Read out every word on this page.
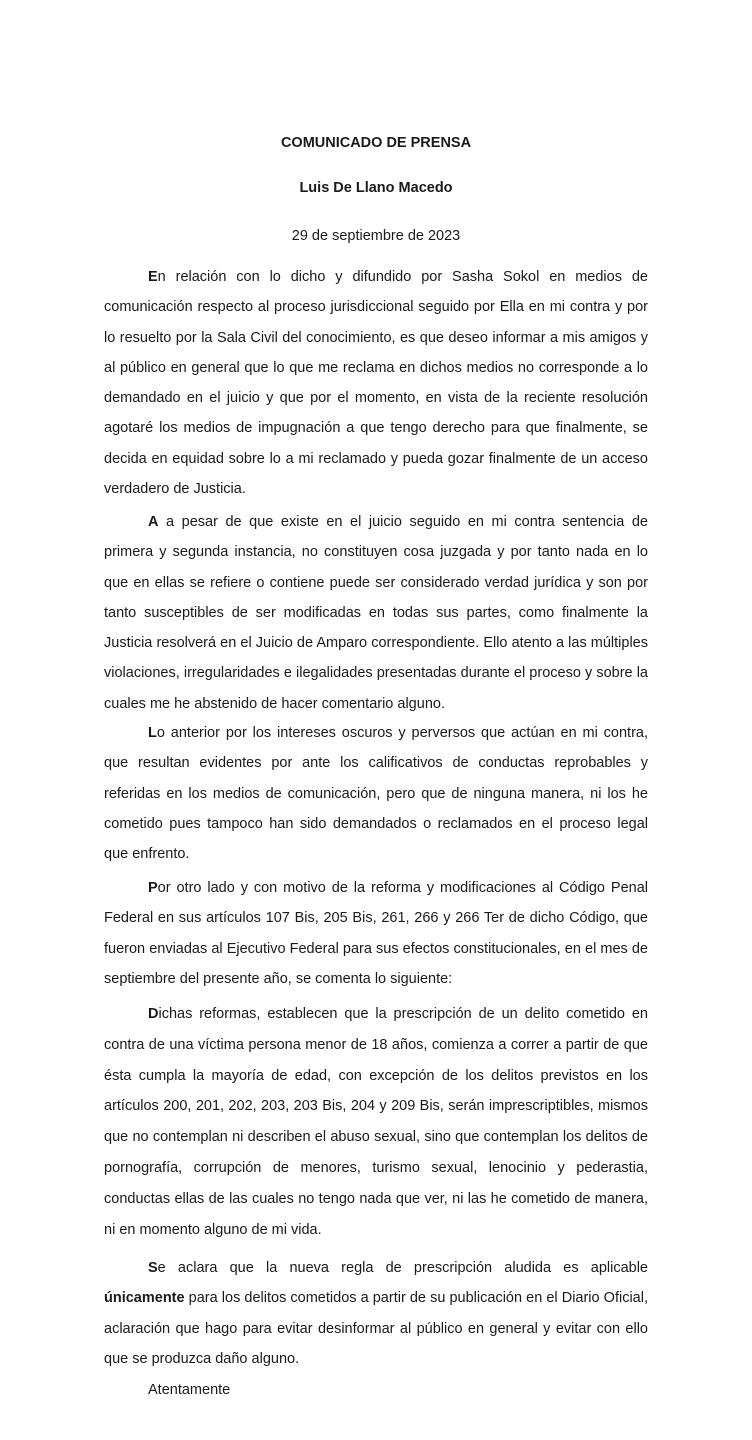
COMUNICADO DE PRENSA

Luis De Llano Macedo

29 de septiembre de 2023

En relación con lo dicho y difundido por Sasha Sokol en medios de comunicación respecto al proceso jurisdiccional seguido por Ella en mi contra y por lo resuelto por la Sala Civil del conocimiento, es que deseo informar a mis amigos y al público en general que lo que me reclama en dichos medios no corresponde a lo demandado en el juicio y que por el momento, en vista de la reciente resolución agotaré los medios de impugnación a que tengo derecho para que finalmente, se decida en equidad sobre lo a mi reclamado y pueda gozar finalmente de un acceso verdadero de Justicia.

A a pesar de que existe en el juicio seguido en mi contra sentencia de primera y segunda instancia, no constituyen cosa juzgada y por tanto nada en lo que en ellas se refiere o contiene puede ser considerado verdad jurídica y son por tanto susceptibles de ser modificadas en todas sus partes, como finalmente la Justicia resolverá en el Juicio de Amparo correspondiente. Ello atento a las múltiples violaciones, irregularidades e ilegalidades presentadas durante el proceso y sobre la cuales me he abstenido de hacer comentario alguno.

Lo anterior por los intereses oscuros y perversos que actúan en mi contra, que resultan evidentes por ante los calificativos de conductas reprobables y referidas en los medios de comunicación, pero que de ninguna manera, ni los he cometido pues tampoco han sido demandados o reclamados en el proceso legal que enfrento.

Por otro lado y con motivo de la reforma y modificaciones al Código Penal Federal en sus artículos 107 Bis, 205 Bis, 261, 266 y 266 Ter de dicho Código, que fueron enviadas al Ejecutivo Federal para sus efectos constitucionales, en el mes de septiembre del presente año, se comenta lo siguiente:

Dichas reformas, establecen que la prescripción de un delito cometido en contra de una víctima persona menor de 18 años, comienza a correr a partir de que ésta cumpla la mayoría de edad, con excepción de los delitos previstos en los artículos 200, 201, 202, 203, 203 Bis, 204 y 209 Bis, serán imprescriptibles, mismos que no contemplan ni describen el abuso sexual, sino que contemplan los delitos de pornografía, corrupción de menores, turismo sexual, lenocinio y pederastia, conductas ellas de las cuales no tengo nada que ver, ni las he cometido de manera, ni en momento alguno de mi vida.

Se aclara que la nueva regla de prescripción aludida es aplicable únicamente para los delitos cometidos a partir de su publicación en el Diario Oficial, aclaración que hago para evitar desinformar al público en general y evitar con ello que se produzca daño alguno.

Atentamente
